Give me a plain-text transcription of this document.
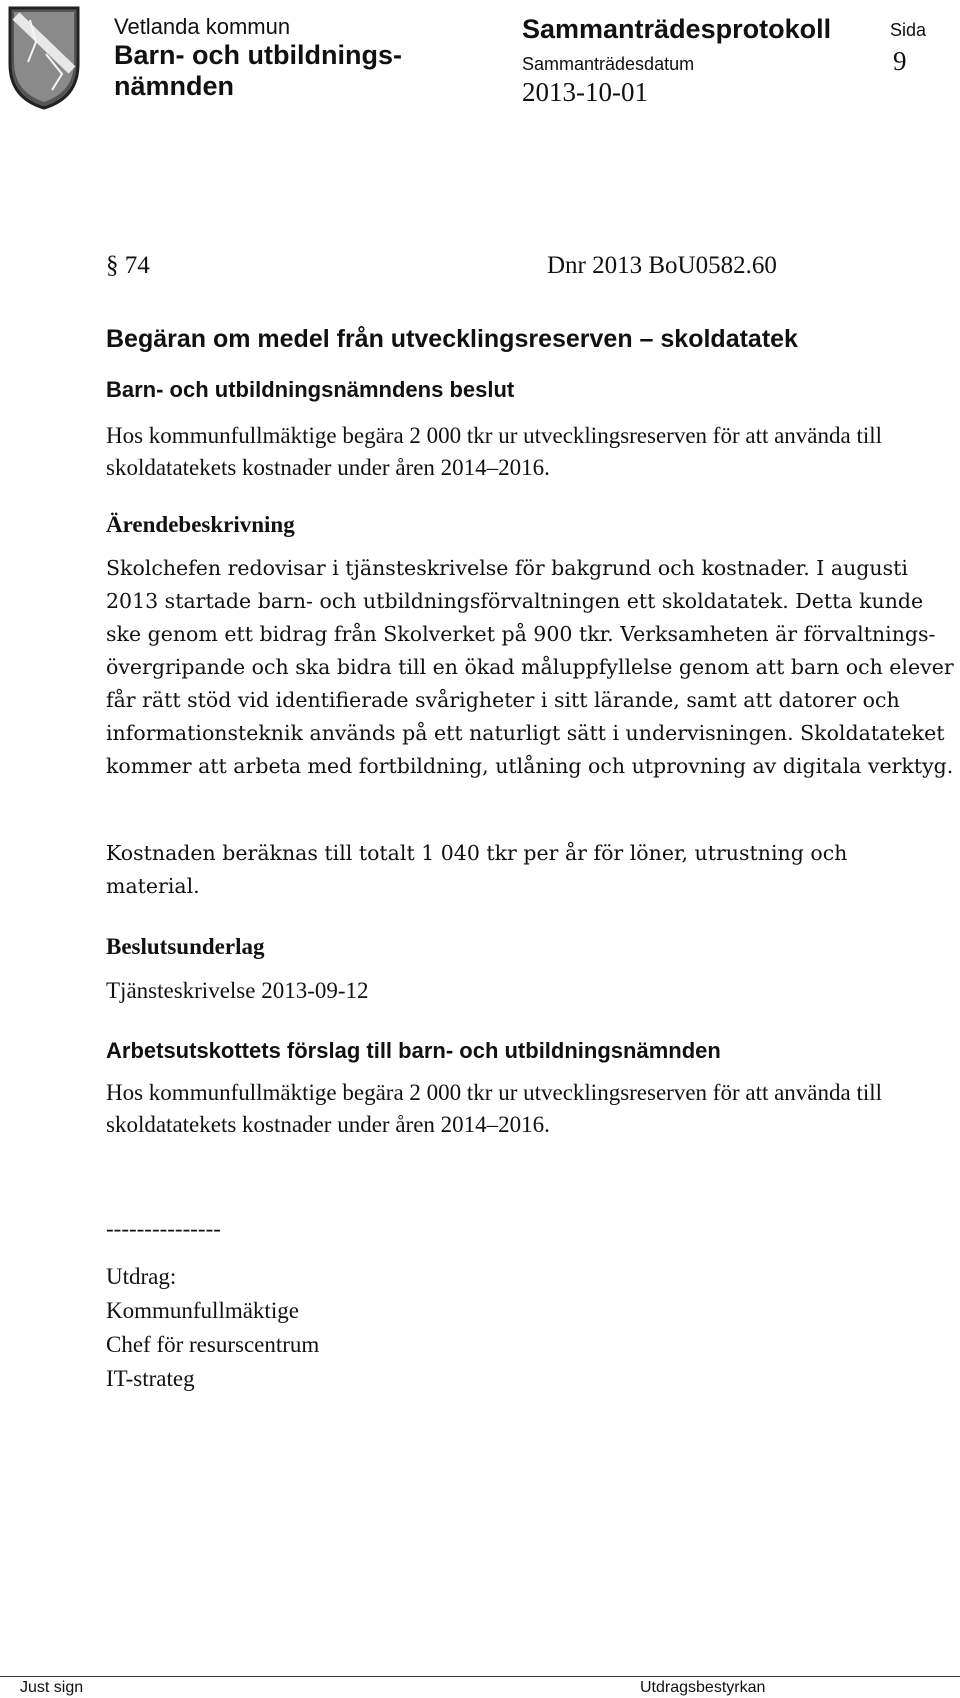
Vetlanda kommun
Barn- och utbildnings-
nämnden
Sammanträdesprotokoll
Sammanträdesdatum
2013-10-01
Sida
9
§ 74	Dnr 2013 BoU0582.60
Begäran om medel från utvecklingsreserven – skoldatatek
Barn- och utbildningsnämndens beslut
Hos kommunfullmäktige begära 2 000 tkr ur utvecklingsreserven för att använda till skoldatatekets kostnader under åren 2014–2016.
Ärendebeskrivning
Skolchefen redovisar i tjänsteskrivelse för bakgrund och kostnader. I augusti 2013 startade barn- och utbildningsförvaltningen ett skoldatatek. Detta kunde ske genom ett bidrag från Skolverket på 900 tkr. Verksamheten är förvaltnings-övergripande och ska bidra till en ökad måluppfyllelse genom att barn och elever får rätt stöd vid identifierade svårigheter i sitt lärande, samt att datorer och informationsteknik används på ett naturligt sätt i undervisningen. Skoldatateket kommer att arbeta med fortbildning, utlåning och utprovning av digitala verktyg.
Kostnaden beräknas till totalt 1 040 tkr per år för löner, utrustning och material.
Beslutsunderlag
Tjänsteskrivelse 2013-09-12
Arbetsutskottets förslag till barn- och utbildningsnämnden
Hos kommunfullmäktige begära 2 000 tkr ur utvecklingsreserven för att använda till skoldatatekets kostnader under åren 2014–2016.
---------------
Utdrag:
Kommunfullmäktige
Chef för resurscentrum
IT-strateg
Just sign	Utdragsbestyrkan
